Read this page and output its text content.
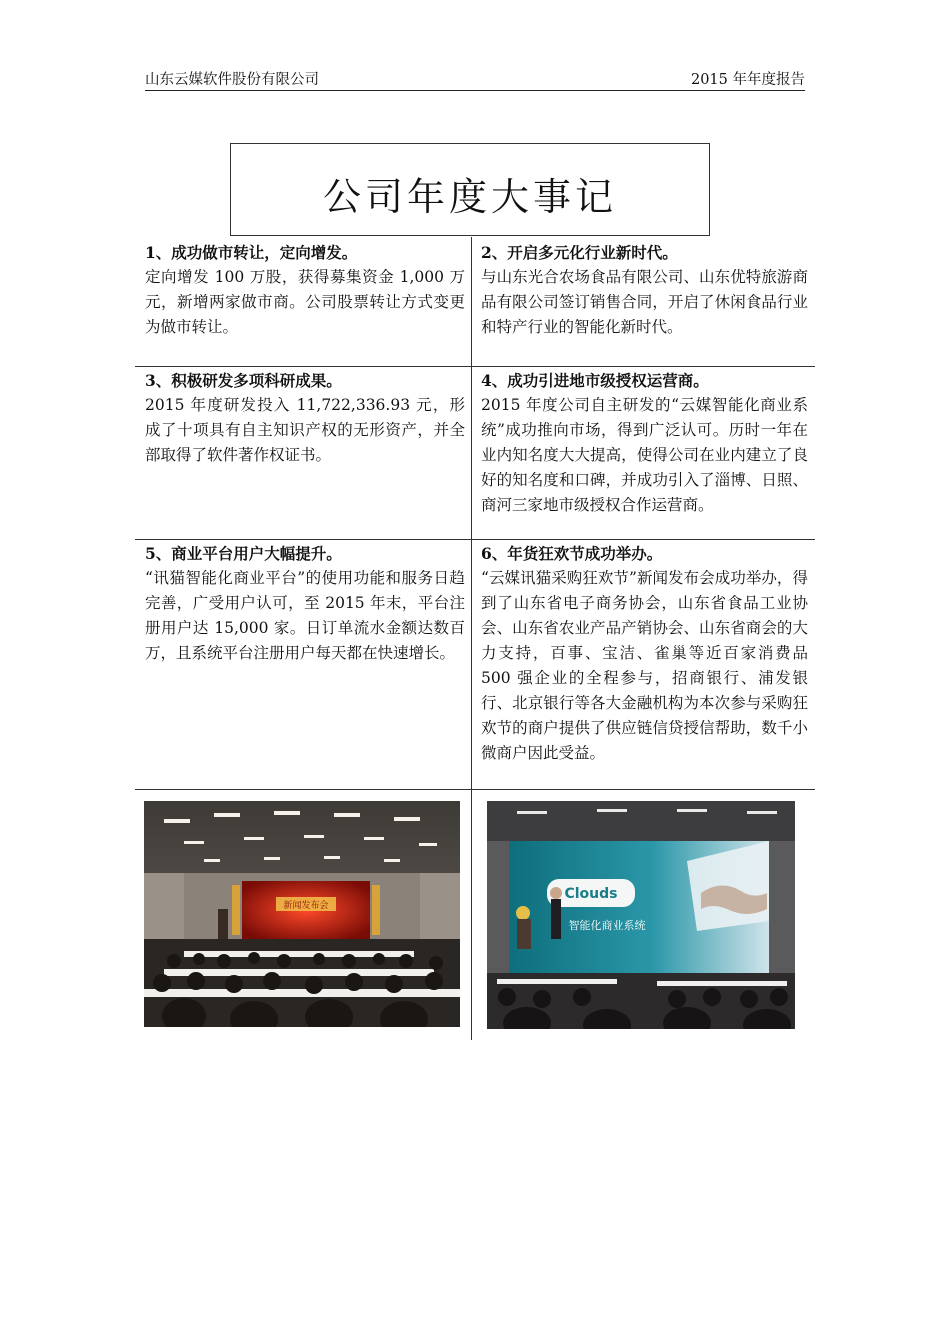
山东云媒软件股份有限公司	2015 年年度报告
公司年度大事记
1、成功做市转让，定向增发。
定向增发 100 万股，获得募集资金 1,000 万元，新增两家做市商。公司股票转让方式变更为做市转让。
2、开启多元化行业新时代。
与山东光合农场食品有限公司、山东优特旅游商品有限公司签订销售合同，开启了休闲食品行业和特产行业的智能化新时代。
3、积极研发多项科研成果。
2015 年度研发投入 11,722,336.93 元，形成了十项具有自主知识产权的无形资产，并全部取得了软件著作权证书。
4、成功引进地市级授权运营商。
2015 年度公司自主研发的“云媒智能化商业系统”成功推向市场，得到广泛认可。历时一年在业内知名度大大提高，使得公司在业内建立了良好的知名度和口碑，并成功引入了淄博、日照、商河三家地市级授权合作运营商。
5、商业平台用户大幅提升。
“讯猫智能化商业平台”的使用功能和服务日趋完善，广受用户认可，至 2015 年末，平台注册用户达 15,000 家。日订单流水金额达数百万，且系统平台注册用户每天都在快速增长。
6、年货狂欢节成功举办。
“云媒讯猫采购狂欢节”新闻发布会成功举办，得到了山东省电子商务协会，山东省食品工业协会、山东省农业产品产销协会、山东省商会的大力支持，百事、宝洁、雀巢等近百家消费品 500 强企业的全程参与，招商银行、浦发银行、北京银行等各大金融机构为本次参与采购狂欢节的商户提供了供应链信贷授信帮助，数千小微商户因此受益。
新闻发布会
Clouds
智能化商业系统
